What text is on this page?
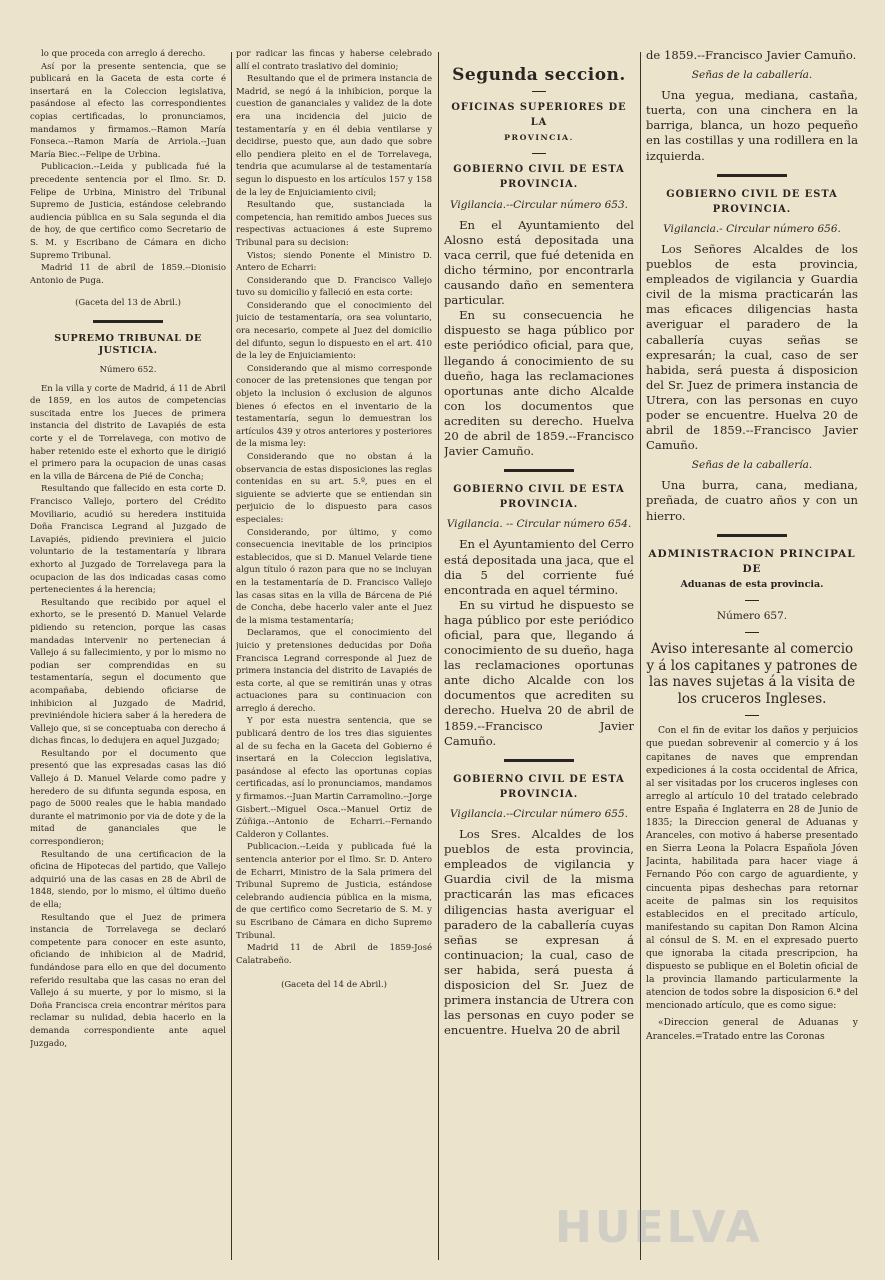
lo que proceda con arreglo á derecho.

Así por la presente sentencia, que se publicará en la Gaceta de esta corte é insertará en la Coleccion legislativa, pasándose al efecto las correspondientes copias certificadas, lo pronunciamos, mandamos y firmamos.--Ramon María Fonseca.--Ramon María de Arriola.--Juan María Biec.--Felipe de Urbina.

Publicacion.--Leida y publicada fué la precedente sentencia por el Ilmo. Sr. D. Felipe de Urbina, Ministro del Tribunal Supremo de Justicia, estándose celebrando audiencia pública en su Sala segunda el dia de hoy, de que certifico como Secretario de S. M. y Escribano de Cámara en dicho Supremo Tribunal.

Madrid 11 de abril de 1859.--Dionisio Antonio de Puga.

(Gaceta del 13 de Abril.)

SUPREMO TRIBUNAL DE JUSTICIA.

Número 652.

En la villa y corte de Madrid, á 11 de Abril de 1859, en los autos de competencias suscitada entre los Jueces de primera instancia del distrito de Lavapiés de esta corte y el de Torrelavega, con motivo de haber retenido este el exhorto que le dirigió el primero para la ocupacion de unas casas en la villa de Bárcena de Pié de Concha;

Resultando que fallecido en esta corte D. Francisco Vallejo, portero del Crédito Moviliario, acudió su heredera instituida Doña Francisca Legrand al Juzgado de Lavapiés, pidiendo previniera el juicio voluntario de la testamentaría y librara exhorto al Juzgado de Torrelavega para la ocupacion de las dos indicadas casas como pertenecientes á la herencia;

Resultando que recibido por aquel el exhorto, se le presentó D. Manuel Velarde pidiendo su retencion, porque las casas mandadas intervenir no pertenecian á Vallejo á su fallecimiento, y por lo mismo no podian ser comprendidas en su testamentaría, segun el documento que acompañaba, debiendo oficiarse de inhibicion al Juzgado de Madrid, previniéndole hiciera saber á la heredera de Vallejo que, si se conceptuaba con derecho á dichas fincas, lo dedujera en aquel Juzgado;

Resultando por el documento que presentó que las expresadas casas las dió Vallejo á D. Manuel Velarde como padre y heredero de su difunta segunda esposa, en pago de 5000 reales que le habia mandado durante el matrimonio por via de dote y de la mitad de gananciales que le correspondieron;

Resultando de una certificacion de la oficina de Hipotecas del partido, que Vallejo adquirió una de las casas en 28 de Abril de 1848, siendo, por lo mismo, el último dueño de ella;

Resultando que el Juez de primera instancia de Torrelavega se declaró competente para conocer en este asunto, oficiando de inhibicion al de Madrid, fundándose para ello en que del documento referido resultaba que las casas no eran del Vallejo á su muerte, y por lo mismo, si la Doña Francisca creia encontrar méritos para reclamar su nulidad, debia hacerlo en la demanda correspondiente ante aquel Juzgado,

por radicar las fincas y haberse celebrado allí el contrato traslativo del dominio;

Resultando que el de primera instancia de Madrid, se negó á la inhibicion, porque la cuestion de gananciales y validez de la dote era una incidencia del juicio de testamentaría y en él debia ventilarse y decidirse, puesto que, aun dado que sobre ello pendiera pleito en el de Torrelavega, tendria que acumularse al de testamentaría segun lo dispuesto en los artículos 157 y 158 de la ley de Enjuiciamiento civil;

Resultando que, sustanciada la competencia, han remitido ambos Jueces sus respectivas actuaciones á este Supremo Tribunal para su decision:

Vistos; siendo Ponente el Ministro D. Antero de Echarri:

Considerando que D. Francisco Vallejo tuvo su domicilio y falleció en esta corte:

Considerando que el conocimiento del juicio de testamentaría, ora sea voluntario, ora necesario, compete al Juez del domicilio del difunto, segun lo dispuesto en el art. 410 de la ley de Enjuiciamiento:

Considerando que al mismo corresponde conocer de las pretensiones que tengan por objeto la inclusion ó exclusion de algunos bienes ó efectos en el inventario de la testamentaría, segun lo demuestran los artículos 439 y otros anteriores y posteriores de la misma ley:

Considerando que no obstan á la observancia de estas disposiciones las reglas contenidas en su art. 5.º, pues en el siguiente se advierte que se entiendan sin perjuicio de lo dispuesto para casos especiales:

Considerando, por último, y como consecuencia inevitable de los principios establecidos, que si D. Manuel Velarde tiene algun título ó razon para que no se incluyan en la testamentaría de D. Francisco Vallejo las casas sitas en la villa de Bárcena de Pié de Concha, debe hacerlo valer ante el Juez de la misma testamentaría;

Declaramos, que el conocimiento del juicio y pretensiones deducidas por Doña Francisca Legrand corresponde al Juez de primera instancia del distrito de Lavapiés de esta corte, al que se remitirán unas y otras actuaciones para su continuacion con arreglo á derecho.

Y por esta nuestra sentencia, que se publicará dentro de los tres dias siguientes al de su fecha en la Gaceta del Gobierno é insertará en la Coleccion legislativa, pasándose al efecto las oportunas copias certificadas, así lo pronunciamos, mandamos y firmamos.--Juan Martin Carramolino.--Jorge Gisbert.--Miguel Osca.--Manuel Ortiz de Zúñiga.--Antonio de Echarri.--Fernando Calderon y Collantes.

Publicacion.--Leida y publicada fué la sentencia anterior por el Ilmo. Sr. D. Antero de Echarri, Ministro de la Sala primera del Tribunal Supremo de Justicia, estándose celebrando audiencia pública en la misma, de que certifico como Secretario de S. M. y su Escribano de Cámara en dicho Supremo Tribunal.

Madrid 11 de Abril de 1859-José Calatrabeño.

(Gaceta del 14 de Abril.)

Segunda seccion.
OFICINAS SUPERIORES DE LA
PROVINCIA.
GOBIERNO CIVIL DE ESTA PROVINCIA.

Vigilancia.--Circular número 653.

En el Ayuntamiento del Alosno está depositada una vaca cerril, que fué detenida en dicho término, por encontrarla causando daño en sementera particular.

En su consecuencia he dispuesto se haga público por este periódico oficial, para que, llegando á conocimiento de su dueño, haga las reclamaciones oportunas ante dicho Alcalde con los documentos que acrediten su derecho. Huelva 20 de abril de 1859.--Francisco Javier Camuño.

GOBIERNO CIVIL DE ESTA PROVINCIA.

Vigilancia. -- Circular número 654.

En el Ayuntamiento del Cerro está depositada una jaca, que el dia 5 del corriente fué encontrada en aquel término.

En su virtud he dispuesto se haga público por este periódico oficial, para que, llegando á conocimiento de su dueño, haga las reclamaciones oportunas ante dicho Alcalde con los documentos que acrediten su derecho. Huelva 20 de abril de 1859.--Francisco Javier Camuño.

GOBIERNO CIVIL DE ESTA PROVINCIA.

Vigilancia.--Circular número 655.

Los Sres. Alcaldes de los pueblos de esta provincia, empleados de vigilancia y Guardia civil de la misma practicarán las mas eficaces diligencias hasta averiguar el paradero de la caballería cuyas señas se expresan á continuacion; la cual, caso de ser habida, será puesta á disposicion del Sr. Juez de primera instancia de Utrera con las personas en cuyo poder se encuentre. Huelva 20 de abril

de 1859.--Francisco Javier Camuño.

Señas de la caballería.

Una yegua, mediana, castaña, tuerta, con una cinchera en la barriga, blanca, un hozo pequeño en las costillas y una rodillera en la izquierda.

GOBIERNO CIVIL DE ESTA PROVINCIA.

Vigilancia.- Circular número 656.

Los Señores Alcaldes de los pueblos de esta provincia, empleados de vigilancia y Guardia civil de la misma practicarán las mas eficaces diligencias hasta averiguar el paradero de la caballería cuyas señas se expresarán; la cual, caso de ser habida, será puesta á disposicion del Sr. Juez de primera instancia de Utrera, con las personas en cuyo poder se encuentre. Huelva 20 de abril de 1859.--Francisco Javier Camuño.

Señas de la caballería.

Una burra, cana, mediana, preñada, de cuatro años y con un hierro.

ADMINISTRACION PRINCIPAL DE
Aduanas de esta provincia.

Número 657.

Aviso interesante al comercio y á los capitanes y patrones de las naves sujetas á la visita de los cruceros Ingleses.

Con el fin de evitar los daños y perjuicios que puedan sobrevenir al comercio y á los capitanes de naves que emprendan expediciones á la costa occidental de Africa, al ser visitadas por los cruceros ingleses con arreglo al artículo 10 del tratado celebrado entre España é Inglaterra en 28 de Junio de 1835; la Direccion general de Aduanas y Aranceles, con motivo á haberse presentado en Sierra Leona la Polacra Española Jóven Jacinta, habilitada para hacer viage á Fernando Póo con cargo de aguardiente, y cincuenta pipas deshechas para retornar aceite de palmas sin los requisitos establecidos en el precitado artículo, manifestando su capitan Don Ramon Alcina al cónsul de S. M. en el expresado puerto que ignoraba la citada prescripcion, ha dispuesto se publique en el Boletin oficial de la provincia llamando particularmente la atencion de todos sobre la disposicion 6.ª del mencionado artículo, que es como sigue:

«Direccion general de Aduanas y Aranceles.=Tratado entre las Coronas

HUELVA
